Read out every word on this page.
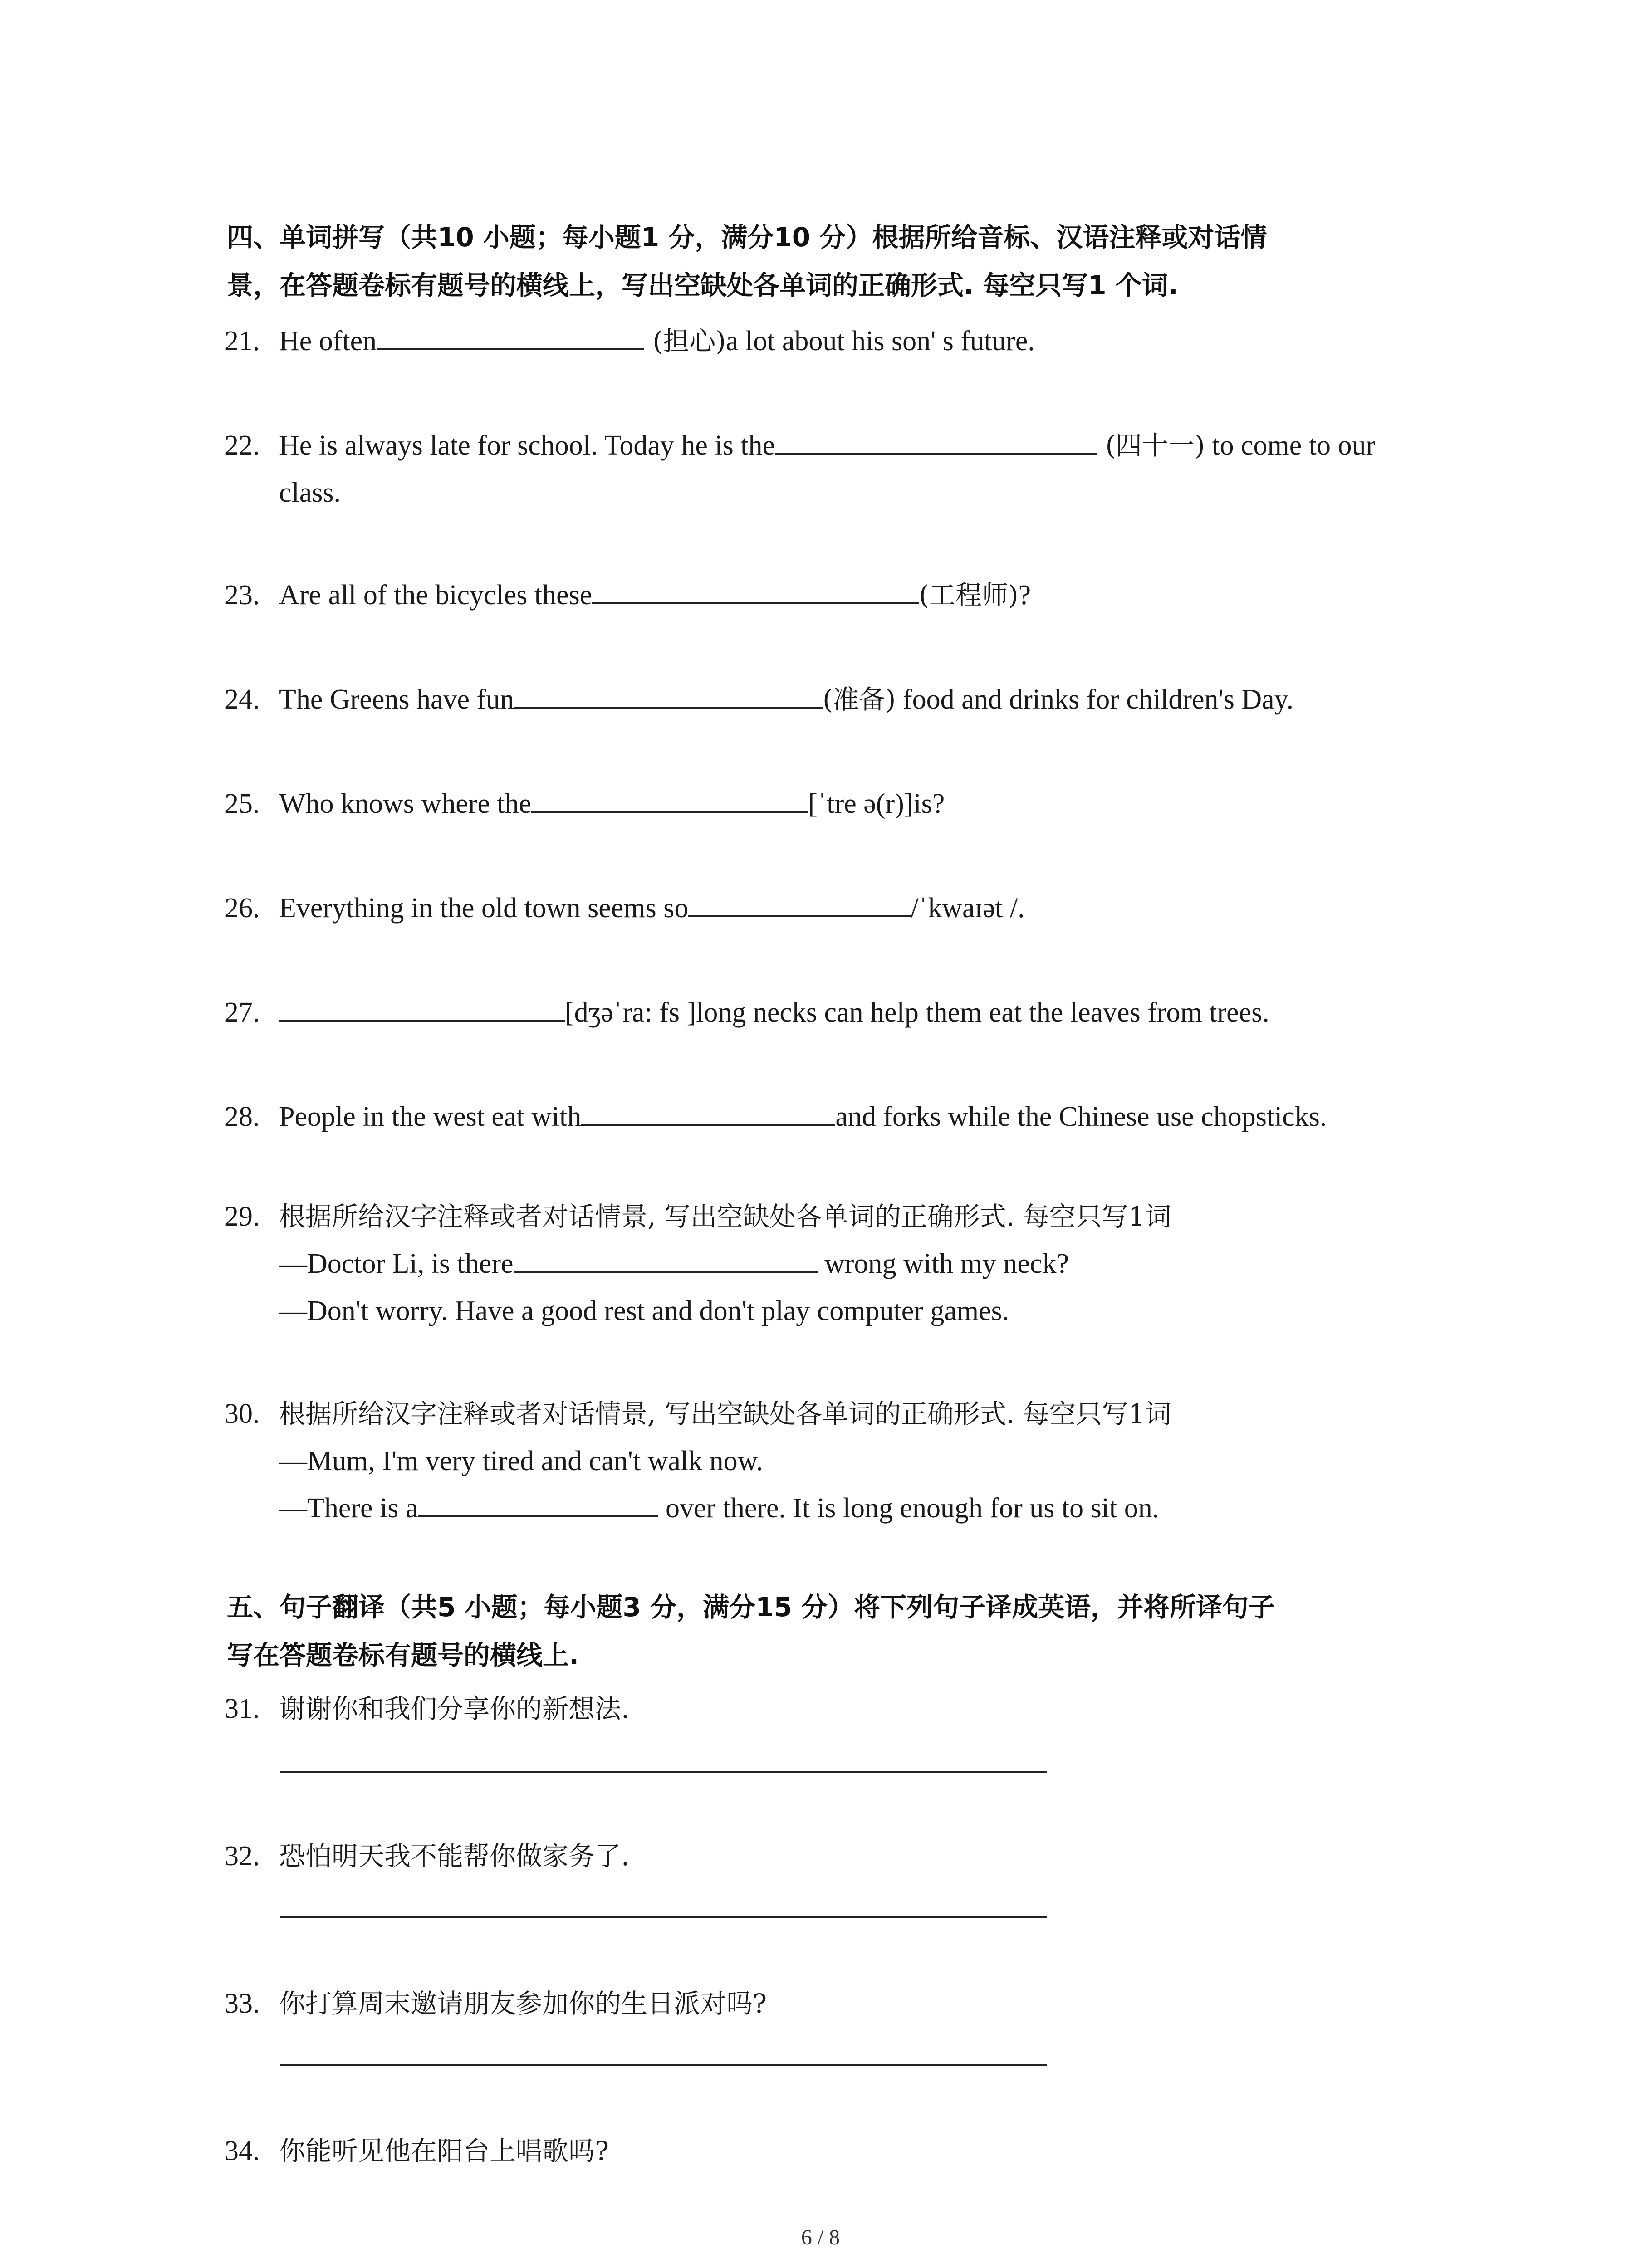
四、单词拼写（共10 小题；每小题1 分，满分10 分）根据所给音标、汉语注释或对话情
景，在答题卷标有题号的横线上，写出空缺处各单词的正确形式. 每空只写1 个词.
21. He often	(担心)a lot about his son' s future.
22. He is always late for school. Today he is the	(四十一) to come to our
class.
23. Are all of the bicycles these	(工程师)?
24. The Greens have fun	(准备) food and drinks for children's Day.
25. Who knows where the	[ˈtre ə(r)]is?
26. Everything in the old town seems so	/ˈkwaɪət /.
27.	[dʒəˈra: fs ]long necks can help them eat the leaves from trees.
28. People in the west eat with	and forks while the Chinese use chopsticks.
29. 根据所给汉字注释或者对话情景, 写出空缺处各单词的正确形式. 每空只写1词
—Doctor Li, is there	wrong with my neck?
—Don't worry. Have a good rest and don't play computer games.
30. 根据所给汉字注释或者对话情景, 写出空缺处各单词的正确形式. 每空只写1词
—Mum, I'm very tired and can't walk now.
—There is a	over there. It is long enough for us to sit on.
五、句子翻译（共5 小题；每小题3 分，满分15 分）将下列句子译成英语，并将所译句子
写在答题卷标有题号的横线上.
31. 谢谢你和我们分享你的新想法.
32. 恐怕明天我不能帮你做家务了.
33. 你打算周末邀请朋友参加你的生日派对吗?
34. 你能听见他在阳台上唱歌吗?
6 / 8
